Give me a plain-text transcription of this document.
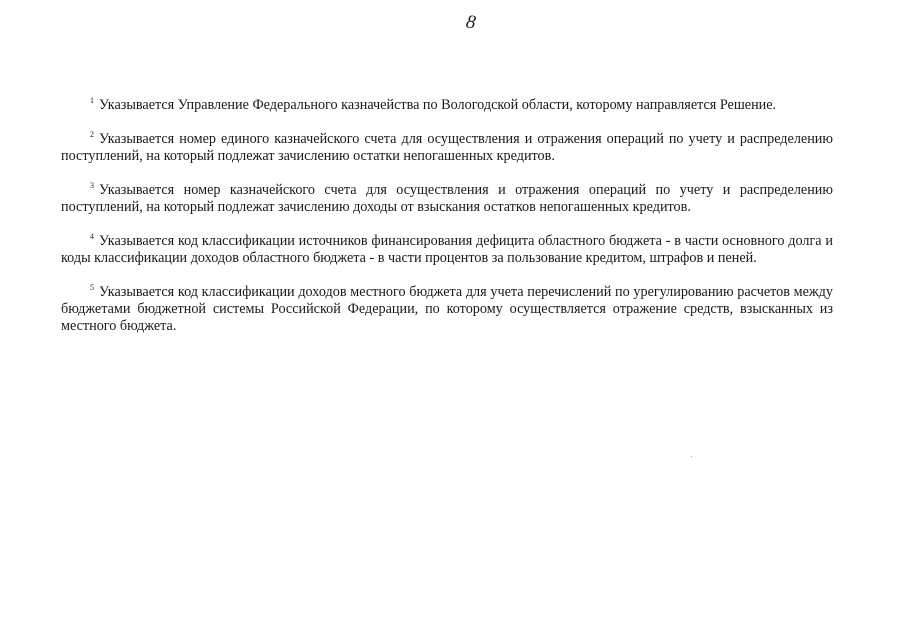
8

$^1$ Указывается Управление Федерального казначейства по Вологодской области, которому направляется Решение.

$^2$ Указывается номер единого казначейского счета для осуществления и отражения операций по учету и распределению поступлений, на который подлежат зачислению остатки непогашенных кредитов.

$^3$ Указывается номер казначейского счета для осуществления и отражения операций по учету и распределению поступлений, на который подлежат зачислению доходы от взыскания остатков непогашенных кредитов.

$^4$ Указывается код классификации источников финансирования дефицита областного бюджета - в части основного долга и коды классификации доходов областного бюджета - в части процентов за пользование кредитом, штрафов и пеней.

$^5$ Указывается код классификации доходов местного бюджета для учета перечислений по урегулированию расчетов между бюджетами бюджетной системы Российской Федерации, по которому осуществляется отражение средств, взысканных из местного бюджета.
